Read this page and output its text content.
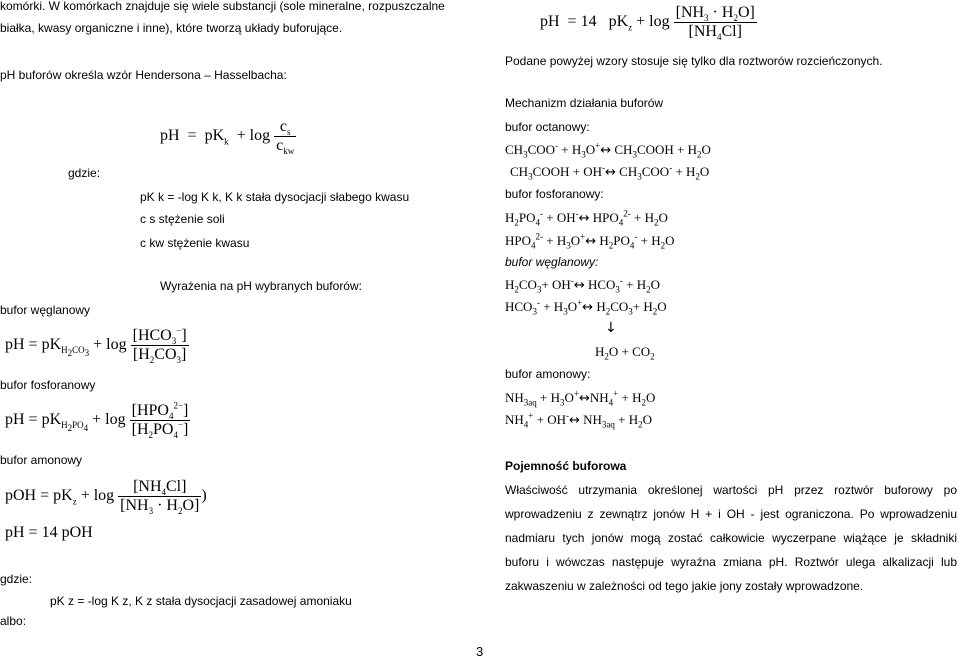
komórki. W komórkach znajduje się wiele substancji (sole mineralne, rozpuszczalne
białka, kwasy organiczne i inne), które tworzą układy buforujące.
pH buforów określa wzór Hendersona – Hasselbacha:
pH  =  $pK_k + \log \frac{c_s}{c_{kw}}$
gdzie:
pK k = -log K k, K k stała dysocjacji słabego kwasu
c s stężenie soli
c kw stężenie kwasu
Wyrażenia na pH wybranych buforów:
bufor węglanowy
pH = $pK_{H_2CO_3} + \log \frac{[HCO_3^-]}{[H_2CO_3]}$
bufor fosforanowy
pH = $pK_{H_2PO_4} + \log \frac{[HPO_4^{2-}]}{[H_2PO_4^-]}$
bufor amonowy
pOH = $pK_z + \log \frac{[NH_4Cl]}{[NH_3 \cdot H_2O]}$ )
pH = 14 pOH
gdzie:
pK z = -log K z, K z stała dysocjacji zasadowej amoniaku
albo:
3
pH  = 14   $pK_z + \log \frac{[NH_3 \cdot H_2O]}{[NH_4Cl]}$
Podane powyżej wzory stosuje się tylko dla roztworów rozcieńczonych.
Mechanizm działania buforów
bufor octanowy:
$CH_3COO^-$ + $H_3O^+\leftrightarrow$ $CH_3COOH + H_2O$
$CH_3COOH$ + OH-↔ $CH_3COO^- + H_2O$
bufor fosforanowy:
$H_2PO_4^-$ + OH-↔ $HPO_4^{2-} + H_2O$
$HPO_4^{2-}$ + $H_3O^+\leftrightarrow$ $H_2PO_4^- + H_2O$
bufor węglanowy:
$H_2CO_3+$ OH-↔ $HCO_3^- + H_2O$
$HCO_3^-$ + $H_3O^+\leftrightarrow$ $H_2CO_3+ H_2O$
↓
$H_2O + CO_2$
bufor amonowy:
$NH_{3aq}$ + $H_3O^+\leftrightarrow NH_4^+ + H_2O$
$NH_4^+$ + OH-↔ $NH_{3aq} + H_2O$
Pojemność buforowa
Właściwość utrzymania określonej wartości pH przez roztwór buforowy po wprowadzeniu z zewnątrz jonów H + i OH - jest ograniczona. Po wprowadzeniu nadmiaru tych jonów mogą zostać całkowicie wyczerpane wiążące je składniki buforu i wówczas następuje wyraźna zmiana pH. Roztwór ulega alkalizacji lub zakwaszeniu w zależności od tego jakie jony zostały wprowadzone.
